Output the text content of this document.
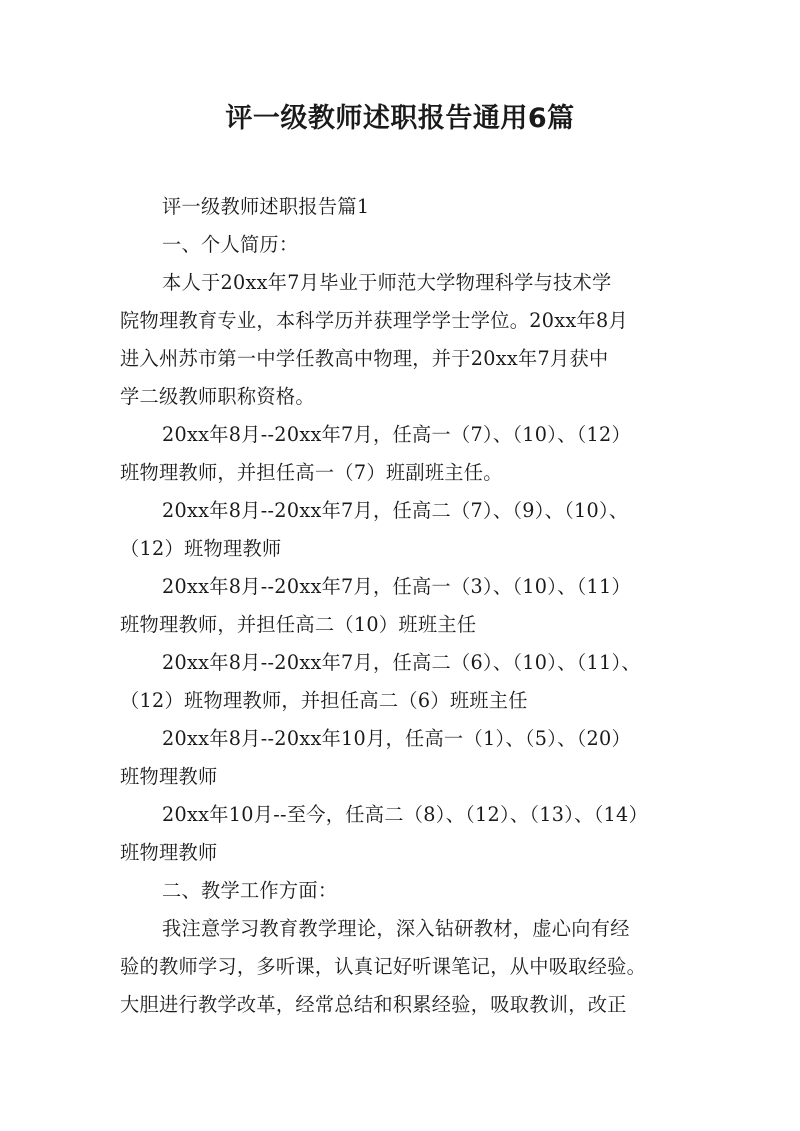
评一级教师述职报告通用6篇
评一级教师述职报告篇1
一、个人简历：
本人于20xx年7月毕业于师范大学物理科学与技术学
院物理教育专业，本科学历并获理学学士学位。20xx年8月
进入州苏市第一中学任教高中物理，并于20xx年7月获中
学二级教师职称资格。
20xx年8月--20xx年7月，任高一（7）、（10）、（12）
班物理教师，并担任高一（7）班副班主任。
20xx年8月--20xx年7月，任高二（7）、（9）、（10）、
（12）班物理教师
20xx年8月--20xx年7月，任高一（3）、（10）、（11）
班物理教师，并担任高二（10）班班主任
20xx年8月--20xx年7月，任高二（6）、（10）、（11）、
（12）班物理教师，并担任高二（6）班班主任
20xx年8月--20xx年10月，任高一（1）、（5）、（20）
班物理教师
20xx年10月--至今，任高二（8）、（12）、（13）、（14）
班物理教师
二、教学工作方面：
我注意学习教育教学理论，深入钻研教材，虚心向有经
验的教师学习，多听课，认真记好听课笔记，从中吸取经验。
大胆进行教学改革，经常总结和积累经验，吸取教训，改正
